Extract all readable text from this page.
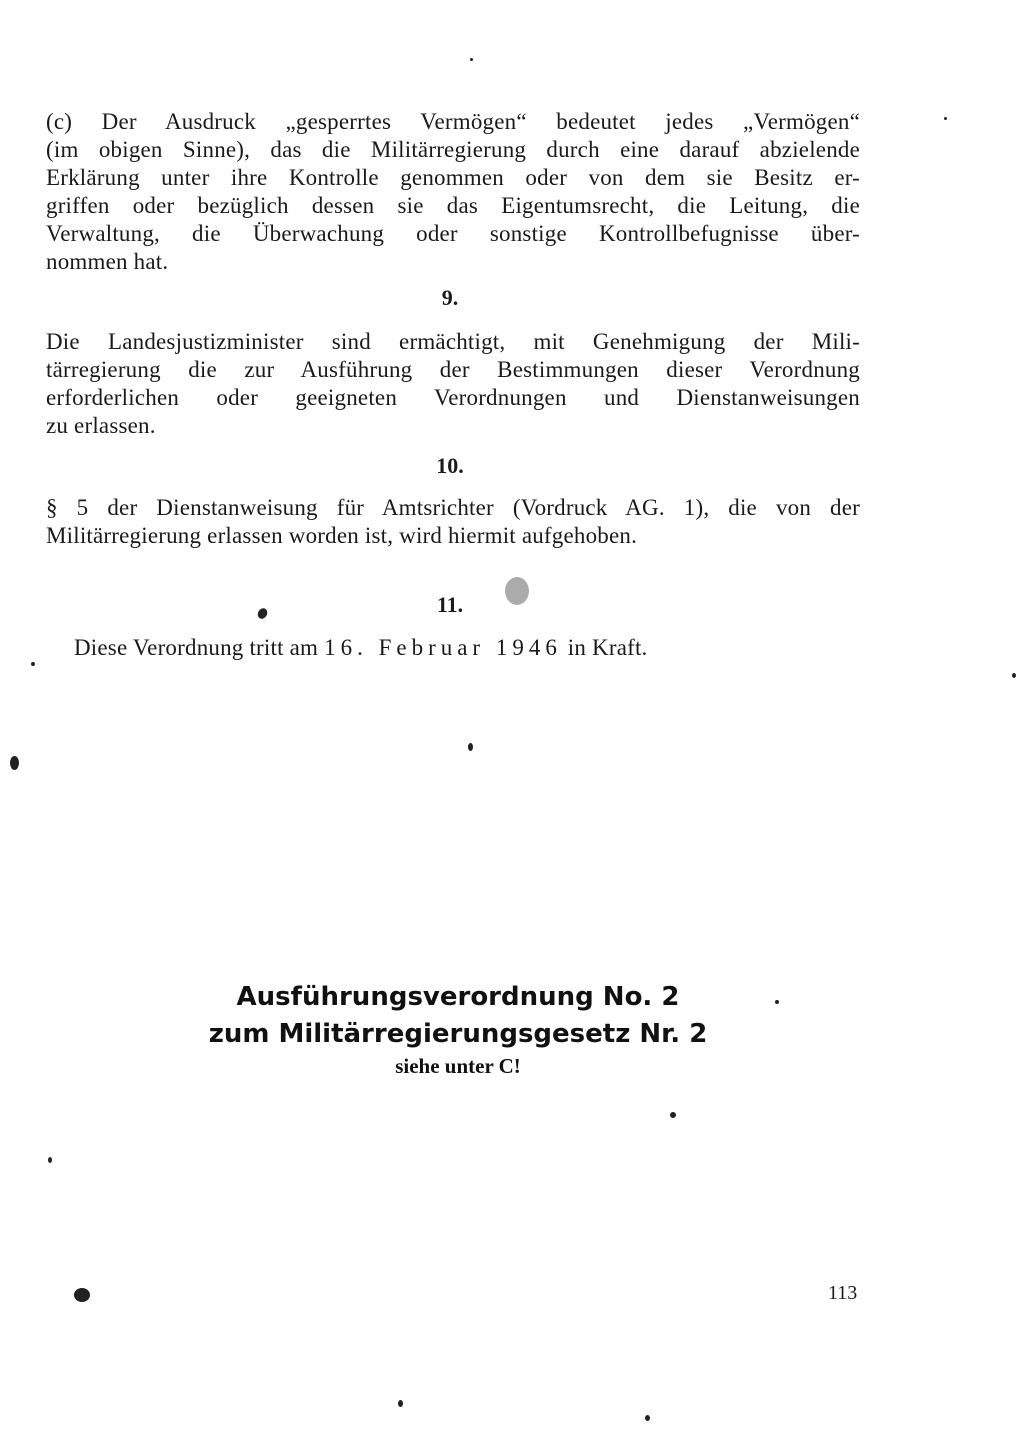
(c) Der Ausdruck „gesperrtes Vermögen“ bedeutet jedes „Vermögen“
(im obigen Sinne), das die Militärregierung durch eine darauf abzielende
Erklärung unter ihre Kontrolle genommen oder von dem sie Besitz er-
griffen oder bezüglich dessen sie das Eigentumsrecht, die Leitung, die
Verwaltung, die Überwachung oder sonstige Kontrollbefugnisse über-
nommen hat.

9.

Die Landesjustizminister sind ermächtigt, mit Genehmigung der Mili-
tärregierung die zur Ausführung der Bestimmungen dieser Verordnung
erforderlichen oder geeigneten Verordnungen und Dienstanweisungen
zu erlassen.

10.

§ 5 der Dienstanweisung für Amtsrichter (Vordruck AG. 1), die von der
Militärregierung erlassen worden ist, wird hiermit aufgehoben.

11.

Diese Verordnung tritt am 16. Februar 1946 in Kraft.

Ausführungsverordnung No. 2

zum Militärregierungsgesetz Nr. 2

siehe unter C!

113
